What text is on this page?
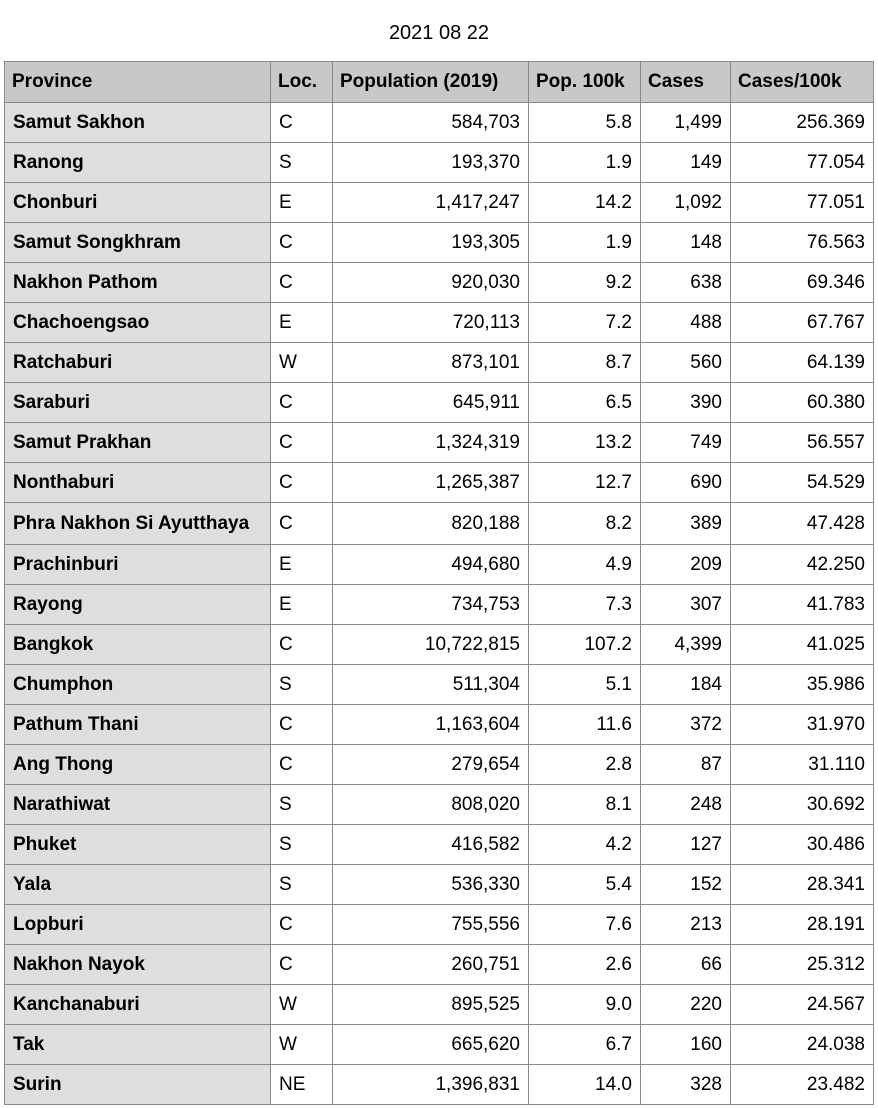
2021 08 22
Province	Loc.	Population (2019)	Pop. 100k	Cases	Cases/100k
Samut Sakhon	C	584,703	5.8	1,499	256.369
Ranong	S	193,370	1.9	149	77.054
Chonburi	E	1,417,247	14.2	1,092	77.051
Samut Songkhram	C	193,305	1.9	148	76.563
Nakhon Pathom	C	920,030	9.2	638	69.346
Chachoengsao	E	720,113	7.2	488	67.767
Ratchaburi	W	873,101	8.7	560	64.139
Saraburi	C	645,911	6.5	390	60.380
Samut Prakhan	C	1,324,319	13.2	749	56.557
Nonthaburi	C	1,265,387	12.7	690	54.529
Phra Nakhon Si Ayutthaya	C	820,188	8.2	389	47.428
Prachinburi	E	494,680	4.9	209	42.250
Rayong	E	734,753	7.3	307	41.783
Bangkok	C	10,722,815	107.2	4,399	41.025
Chumphon	S	511,304	5.1	184	35.986
Pathum Thani	C	1,163,604	11.6	372	31.970
Ang Thong	C	279,654	2.8	87	31.110
Narathiwat	S	808,020	8.1	248	30.692
Phuket	S	416,582	4.2	127	30.486
Yala	S	536,330	5.4	152	28.341
Lopburi	C	755,556	7.6	213	28.191
Nakhon Nayok	C	260,751	2.6	66	25.312
Kanchanaburi	W	895,525	9.0	220	24.567
Tak	W	665,620	6.7	160	24.038
Surin	NE	1,396,831	14.0	328	23.482
